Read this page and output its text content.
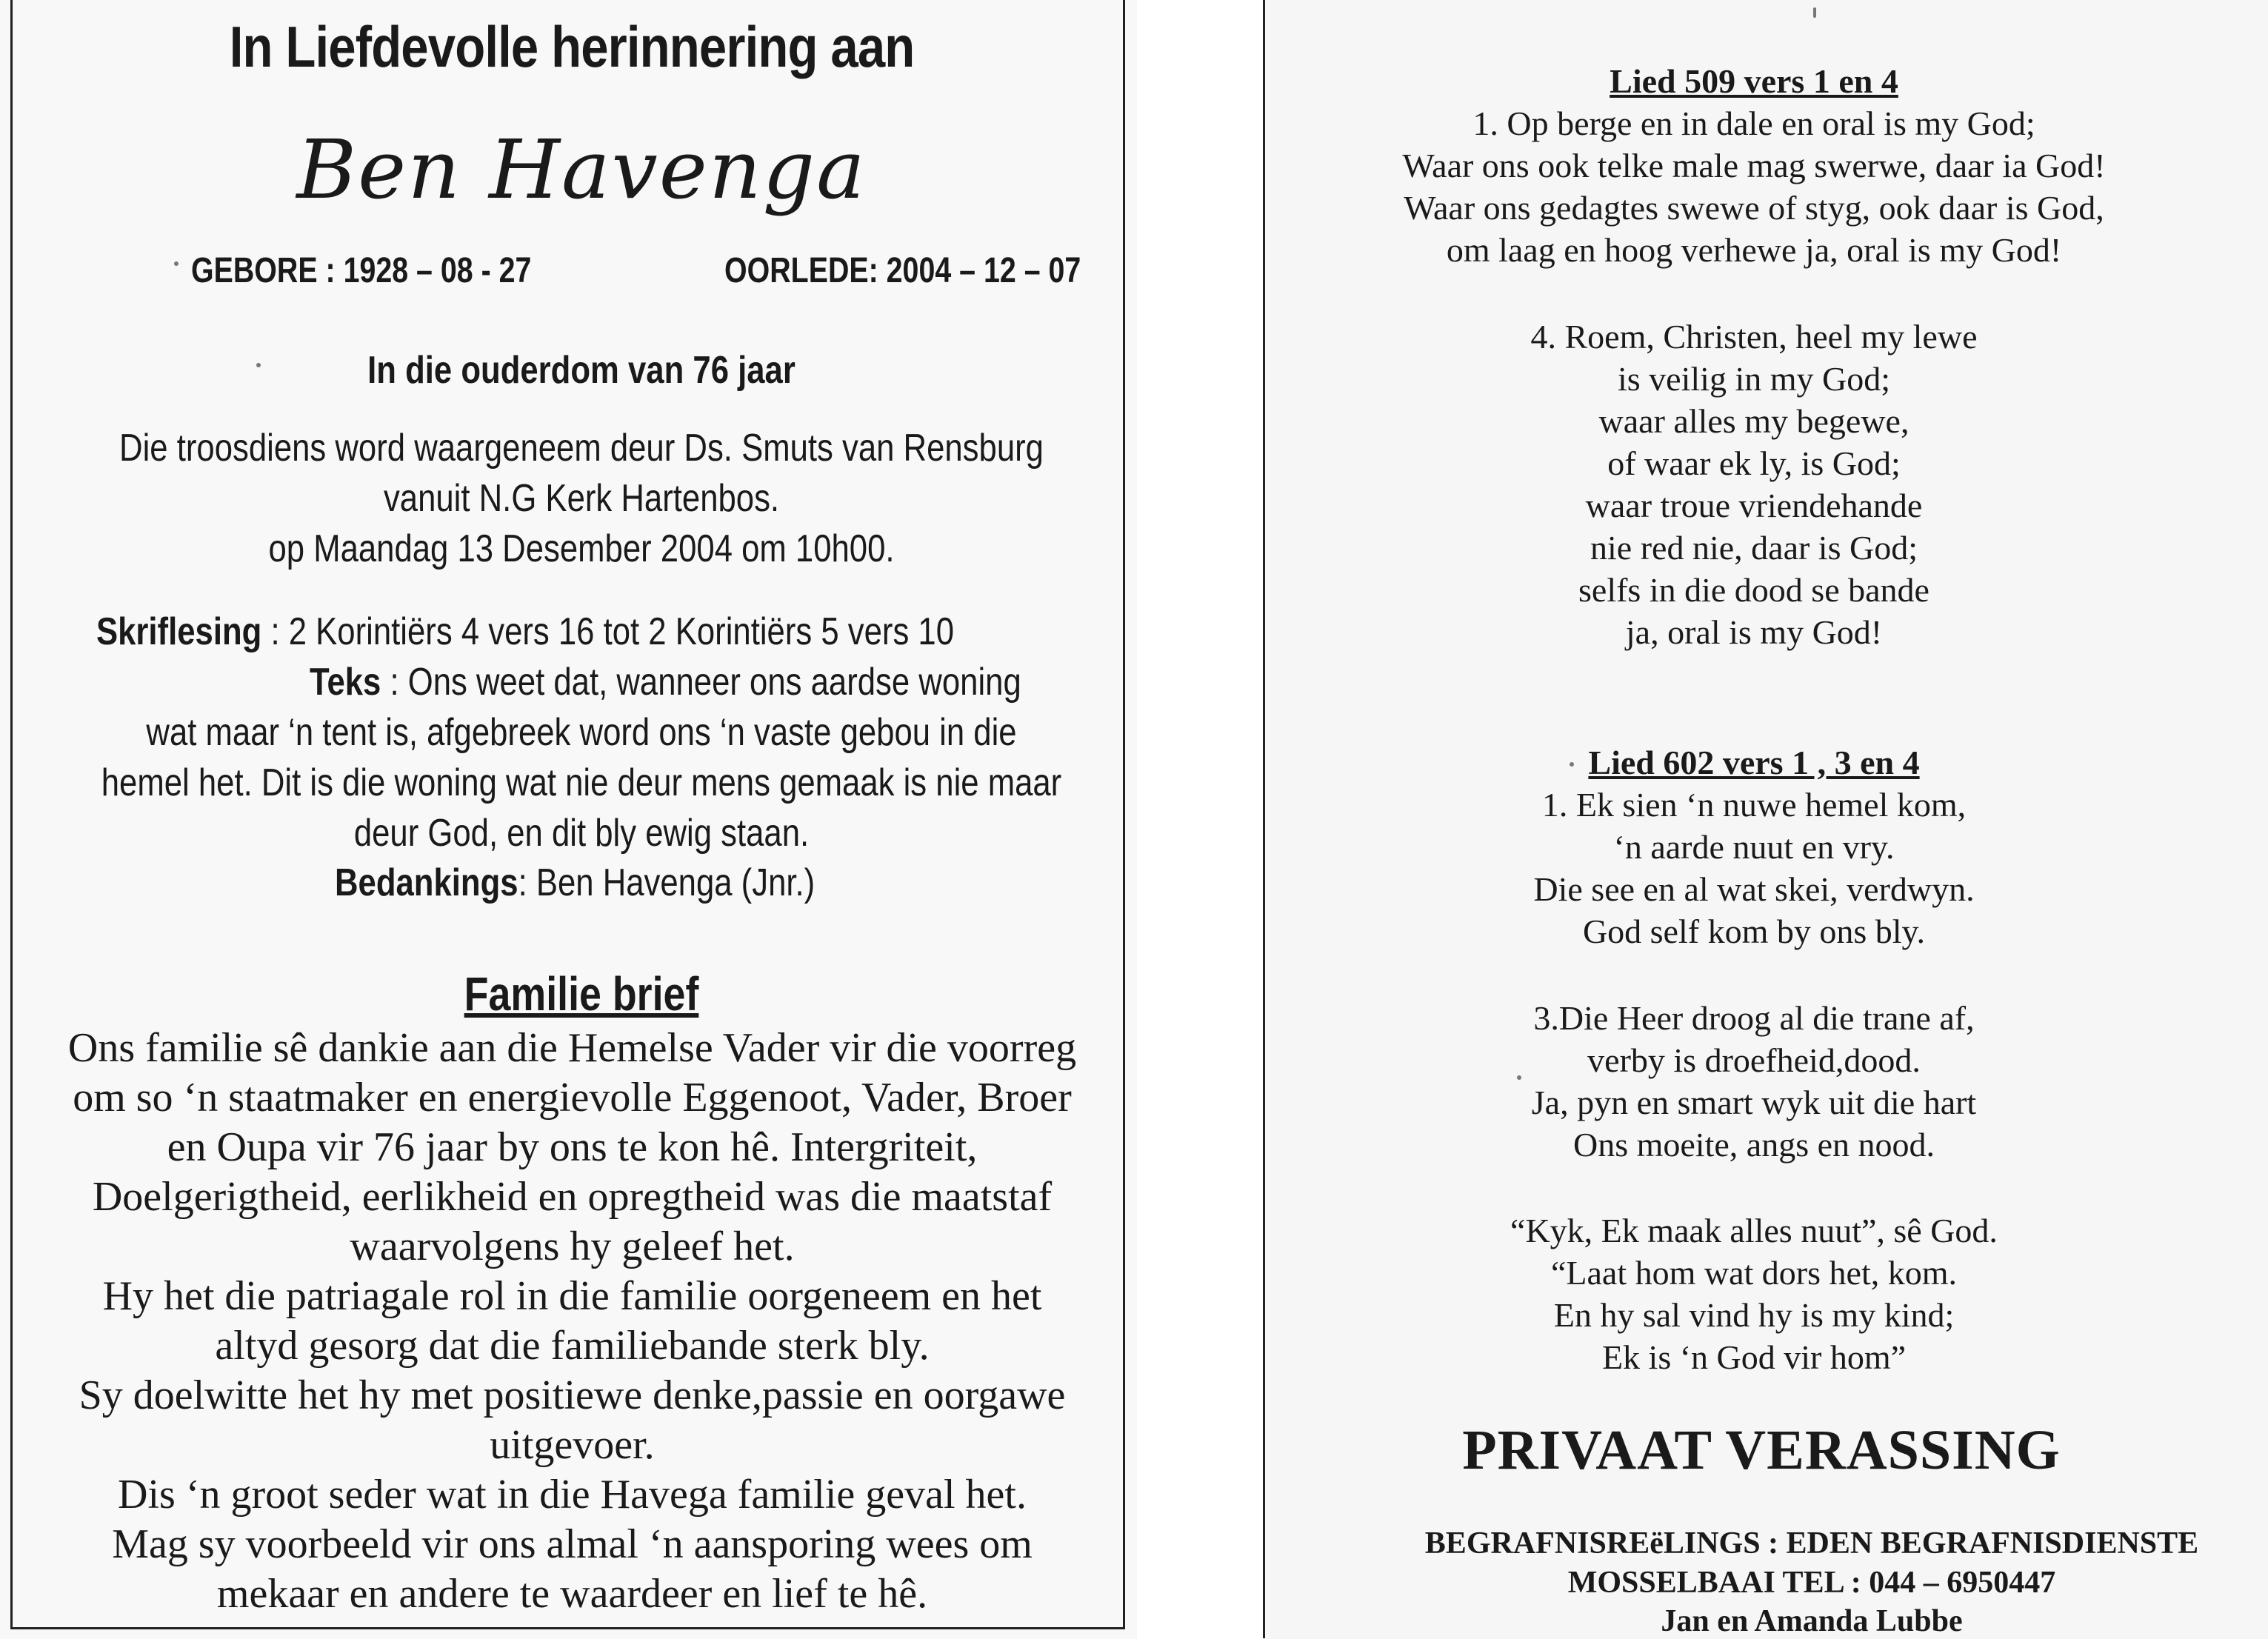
In Liefdevolle herinnering aan
Ben Havenga
GEBORE : 1928 – 08 - 27	OORLEDE: 2004 – 12 – 07
In die ouderdom van 76 jaar
Die troosdiens word waargeneem deur Ds. Smuts van Rensburg
vanuit N.G Kerk Hartenbos.
op Maandag 13 Desember 2004 om 10h00.
Skriflesing : 2 Korintiërs 4 vers 16 tot 2 Korintiërs 5 vers 10
Teks : Ons weet dat, wanneer ons aardse woning
wat maar ‘n tent is, afgebreek word ons ‘n vaste gebou in die
hemel het. Dit is die woning wat nie deur mens gemaak is nie maar
deur God, en dit bly ewig staan.
Bedankings: Ben Havenga (Jnr.)
Familie brief
Ons familie sê dankie aan die Hemelse Vader vir die voorreg
om so ‘n staatmaker en energievolle Eggenoot, Vader, Broer
en Oupa vir 76 jaar by ons te kon hê. Intergriteit,
Doelgerigtheid, eerlikheid en opregtheid was die maatstaf
waarvolgens hy geleef het.
Hy het die patriagale rol in die familie oorgeneem en het
altyd gesorg dat die familiebande sterk bly.
Sy doelwitte het hy met positiewe denke,passie en oorgawe
uitgevoer.
Dis ‘n groot seder wat in die Havega familie geval het.
Mag sy voorbeeld vir ons almal ‘n aansporing wees om
mekaar en andere te waardeer en lief te hê.
Lied 509 vers 1 en 4
1. Op berge en in dale en oral is my God;
Waar ons ook telke male mag swerwe, daar ia God!
Waar ons gedagtes swewe of styg, ook daar is God,
om laag en hoog verhewe ja, oral is my God!
4. Roem, Christen, heel my lewe
is veilig in my God;
waar alles my begewe,
of waar ek ly, is God;
waar troue vriendehande
nie red nie, daar is God;
selfs in die dood se bande
ja, oral is my God!
Lied 602 vers 1 , 3 en 4
1. Ek sien ‘n nuwe hemel kom,
‘n aarde nuut en vry.
Die see en al wat skei, verdwyn.
God self kom by ons bly.
3.Die Heer droog al die trane af,
verby is droefheid,dood.
Ja, pyn en smart wyk uit die hart
Ons moeite, angs en nood.
“Kyk, Ek maak alles nuut”, sê God.
“Laat hom wat dors het, kom.
En hy sal vind hy is my kind;
Ek is ‘n God vir hom”
PRIVAAT VERASSING
BEGRAFNISREëLINGS : EDEN BEGRAFNISDIENSTE
MOSSELBAAI TEL : 044 – 6950447
Jan en Amanda Lubbe
